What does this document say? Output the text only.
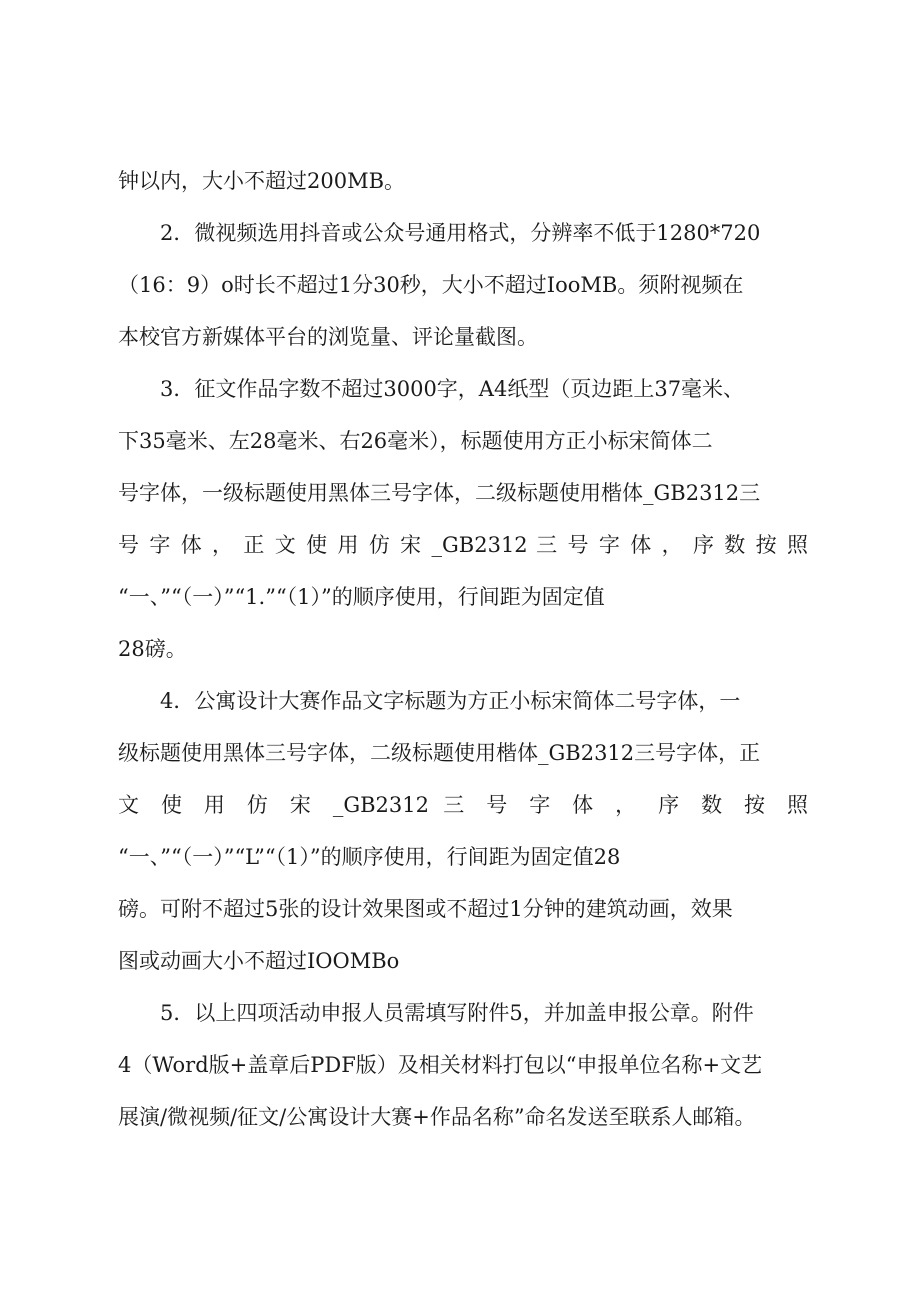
钟以内，大小不超过200MB。
2．微视频选用抖音或公众号通用格式，分辨率不低于1280*720
（16：9）o时长不超过1分30秒，大小不超过IooMB。须附视频在
本校官方新媒体平台的浏览量、评论量截图。
3．征文作品字数不超过3000字，A4纸型（页边距上37毫米、
下35毫米、左28毫米、右26毫米），标题使用方正小标宋简体二
号字体，一级标题使用黑体三号字体，二级标题使用楷体_GB2312三
号 字 体 ， 正 文 使 用 仿 宋 _GB2312 三 号 字 体 ， 序 数 按 照
“一、”“（一）”“1.”“（1）”的顺序使用，行间距为固定值
28磅。
4．公寓设计大赛作品文字标题为方正小标宋简体二号字体，一
级标题使用黑体三号字体，二级标题使用楷体_GB2312三号字体，正
文 使 用 仿 宋 _GB2312 三 号 字 体 ， 序 数 按 照
“一、”“（一）”“L”“（1）”的顺序使用，行间距为固定值28
磅。可附不超过5张的设计效果图或不超过1分钟的建筑动画，效果
图或动画大小不超过IOOMBo
5．以上四项活动申报人员需填写附件5，并加盖申报公章。附件
4（Word版+盖章后PDF版）及相关材料打包以“申报单位名称+文艺
展演/微视频/征文/公寓设计大赛+作品名称”命名发送至联系人邮箱。
